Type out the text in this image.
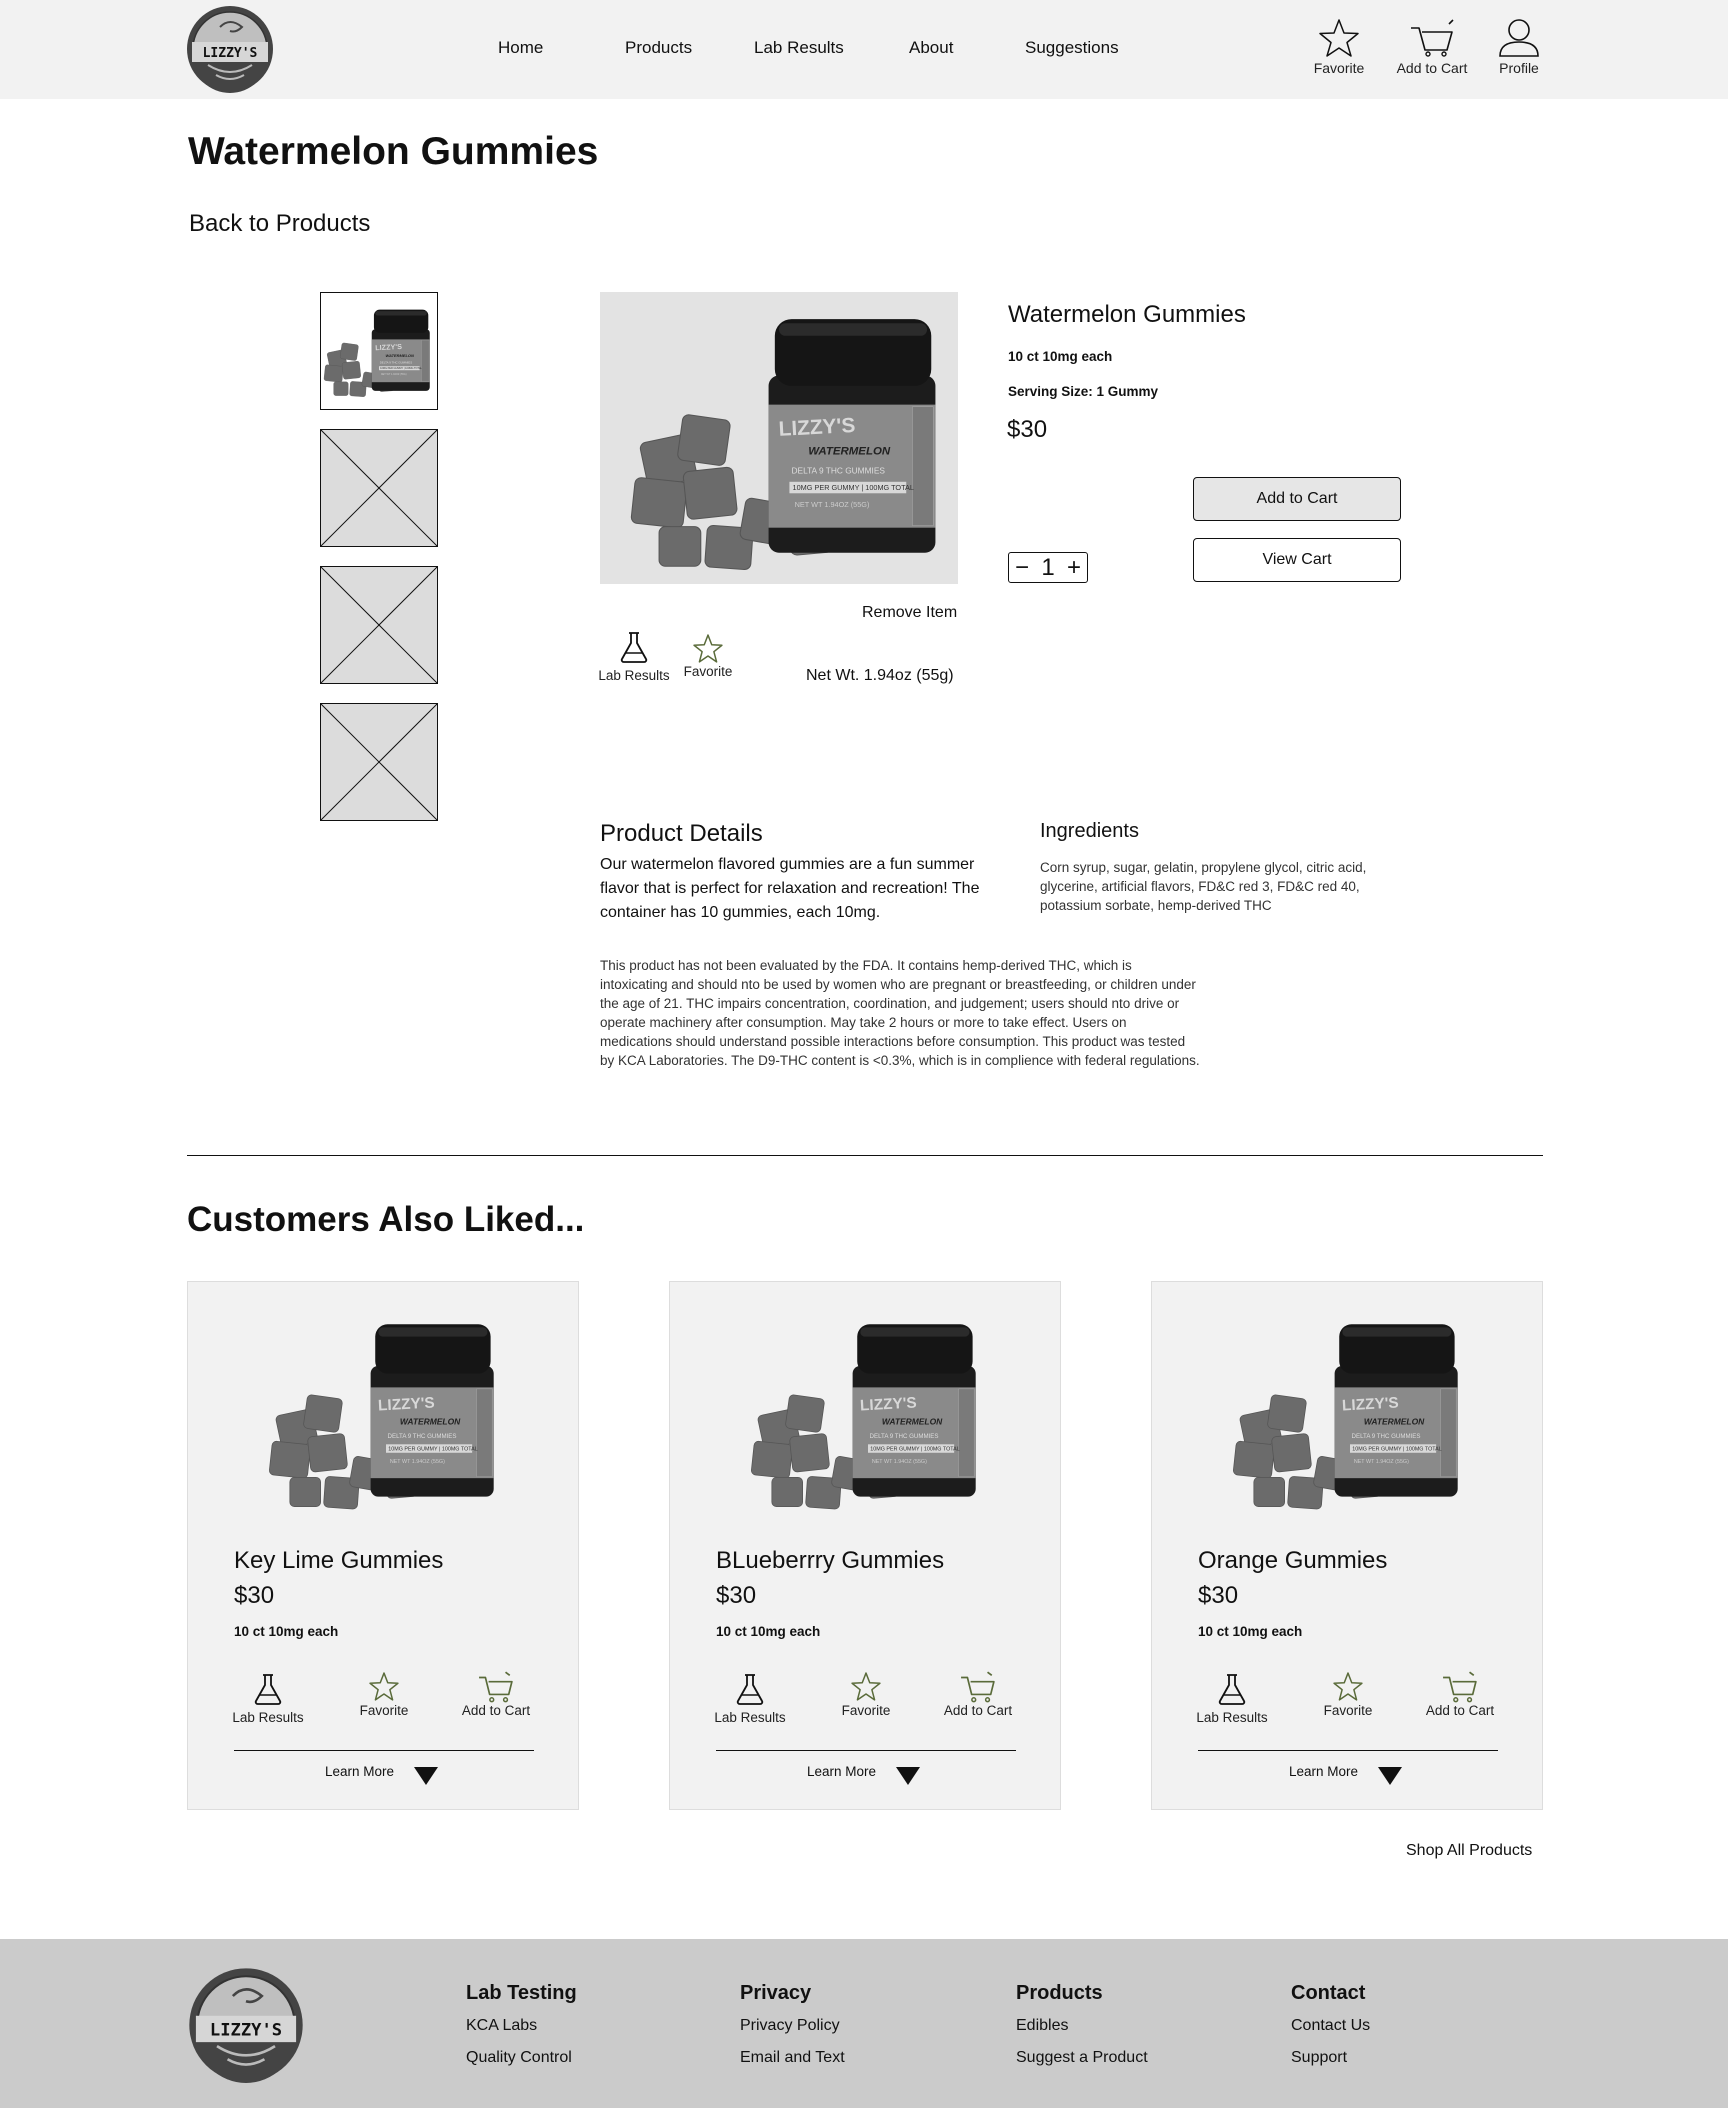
LIZZY'S	Home	Products	Lab Results	About	Suggestions
Favorite	Add to Cart	Profile
Watermelon Gummies
Back to Products
Remove Item
Lab Results Favorite	Net Wt. 1.94oz (55g)
Watermelon Gummies
10 ct 10mg each
Serving Size: 1 Gummy
$30
Add to Cart
View Cart
− 1 +
Product Details
Our watermelon flavored gummies are a fun summer flavor that is perfect for relaxation and recreation! The container has 10 gummies, each 10mg.
Ingredients
Corn syrup, sugar, gelatin, propylene glycol, citric acid, glycerine, artificial flavors, FD&C red 3, FD&C red 40, potassium sorbate, hemp-derived THC
This product has not been evaluated by the FDA. It contains hemp-derived THC, which is intoxicating and should nto be used by women who are pregnant or breastfeeding, or children under the age of 21. THC impairs concentration, coordination, and judgement; users should nto drive or operate machinery after consumption. May take 2 hours or more to take effect. Users on medications should understand possible interactions before consumption. This product was tested by KCA Laboratories. The D9-THC content is <0.3%, which is in complience with federal regulations.
Customers Also Liked...
Key Lime Gummies
$30
10 ct 10mg each
Lab Results	Favorite	Add to Cart
Learn More
BLueberrry Gummies
$30
10 ct 10mg each
Lab Results	Favorite	Add to Cart
Learn More
Orange Gummies
$30
10 ct 10mg each
Lab Results	Favorite	Add to Cart
Learn More
Shop All Products
LIZZY'S
Lab Testing
KCA Labs
Quality Control
Privacy
Privacy Policy
Email and Text
Products
Edibles
Suggest a Product
Contact
Contact Us
Support
